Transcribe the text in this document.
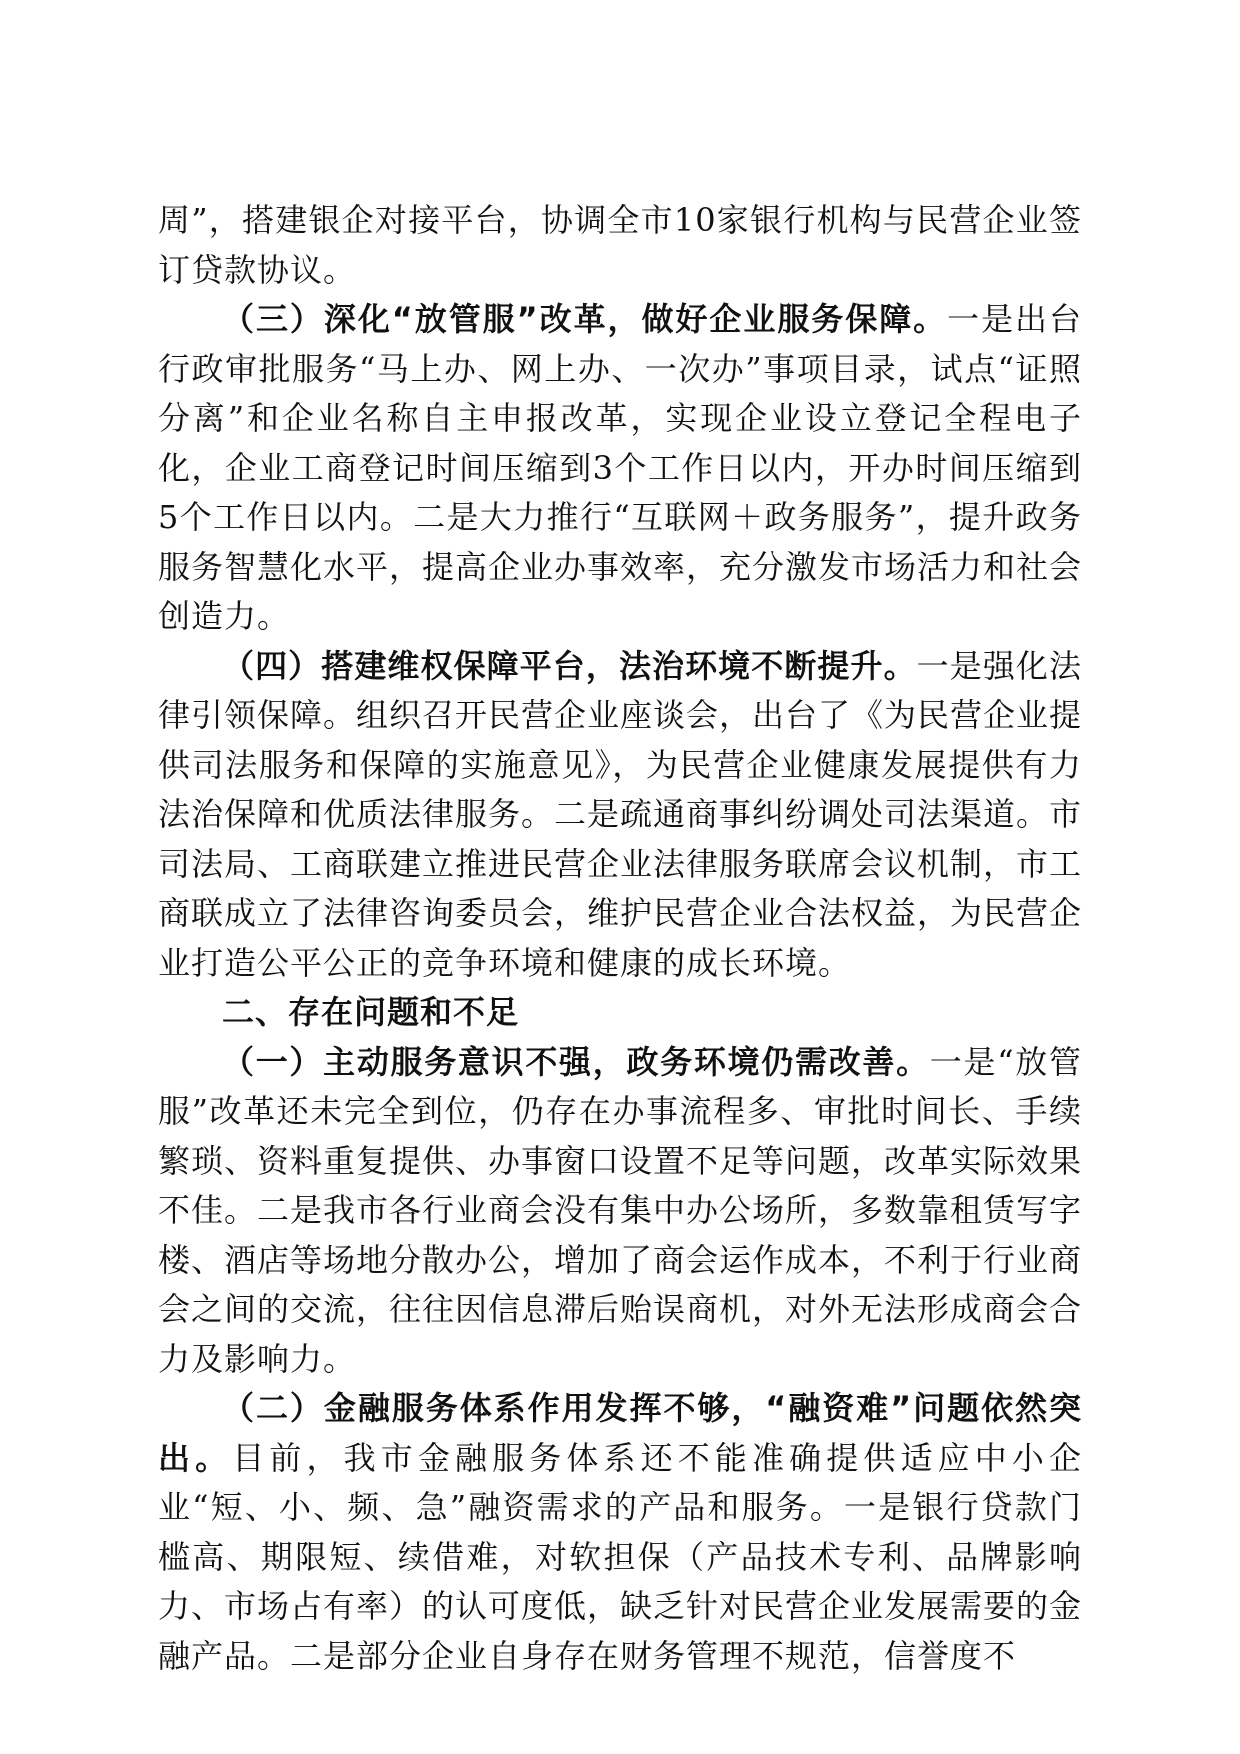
周”，搭建银企对接平台，协调全市10家银行机构与民营企业签订贷款协议。

（三）深化“放管服”改革，做好企业服务保障。一是出台行政审批服务“马上办、网上办、一次办”事项目录，试点“证照分离”和企业名称自主申报改革，实现企业设立登记全程电子化，企业工商登记时间压缩到3个工作日以内，开办时间压缩到5个工作日以内。二是大力推行“互联网＋政务服务”，提升政务服务智慧化水平，提高企业办事效率，充分激发市场活力和社会创造力。

（四）搭建维权保障平台，法治环境不断提升。一是强化法律引领保障。组织召开民营企业座谈会，出台了《为民营企业提供司法服务和保障的实施意见》，为民营企业健康发展提供有力法治保障和优质法律服务。二是疏通商事纠纷调处司法渠道。市司法局、工商联建立推进民营企业法律服务联席会议机制，市工商联成立了法律咨询委员会，维护民营企业合法权益，为民营企业打造公平公正的竞争环境和健康的成长环境。

二、存在问题和不足

（一）主动服务意识不强，政务环境仍需改善。一是“放管服”改革还未完全到位，仍存在办事流程多、审批时间长、手续繁琐、资料重复提供、办事窗口设置不足等问题，改革实际效果不佳。二是我市各行业商会没有集中办公场所，多数靠租赁写字楼、酒店等场地分散办公，增加了商会运作成本，不利于行业商会之间的交流，往往因信息滞后贻误商机，对外无法形成商会合力及影响力。

（二）金融服务体系作用发挥不够，“融资难”问题依然突出。目前，我市金融服务体系还不能准确提供适应中小企业“短、小、频、急”融资需求的产品和服务。一是银行贷款门槛高、期限短、续借难，对软担保（产品技术专利、品牌影响力、市场占有率）的认可度低，缺乏针对民营企业发展需要的金融产品。二是部分企业自身存在财务管理不规范，信誉度不
